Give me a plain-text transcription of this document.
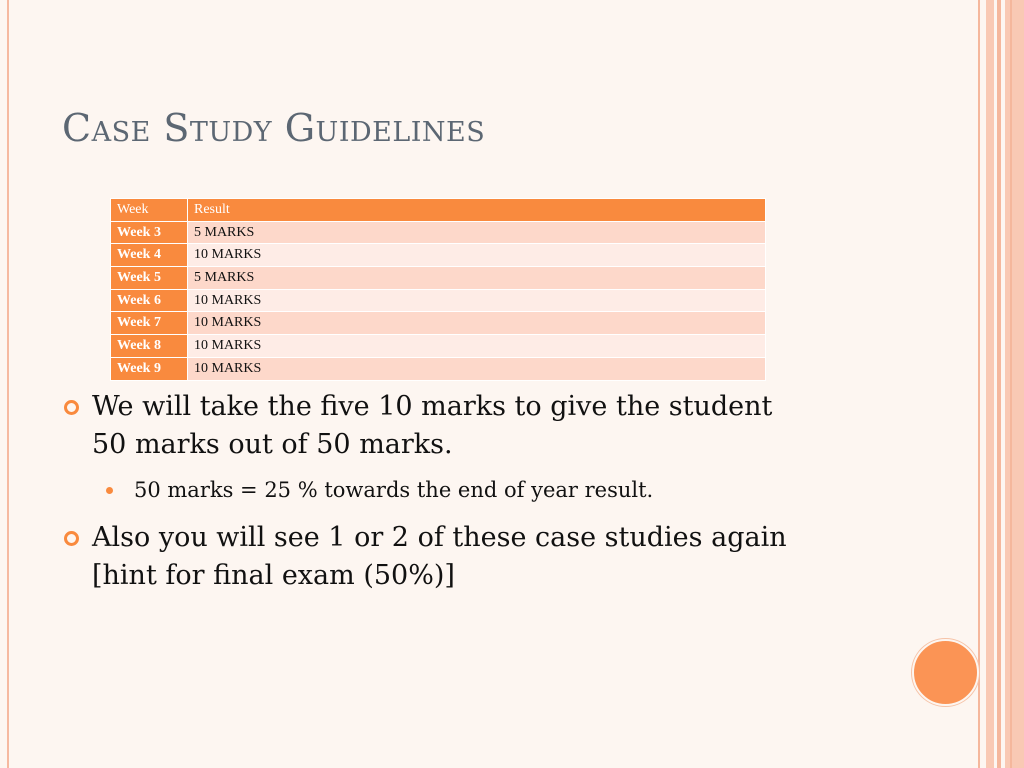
Case Study Guidelines
Week	Result
Week 3	5 MARKS
Week 4	10 MARKS
Week 5	5 MARKS
Week 6	10 MARKS
Week 7	10 MARKS
Week 8	10 MARKS
Week 9	10 MARKS
We will take the five 10 marks to give the student 50 marks out of 50 marks.
50 marks = 25 % towards the end of year result.
Also you will see 1 or 2 of these case studies again [hint for final exam (50%)]
